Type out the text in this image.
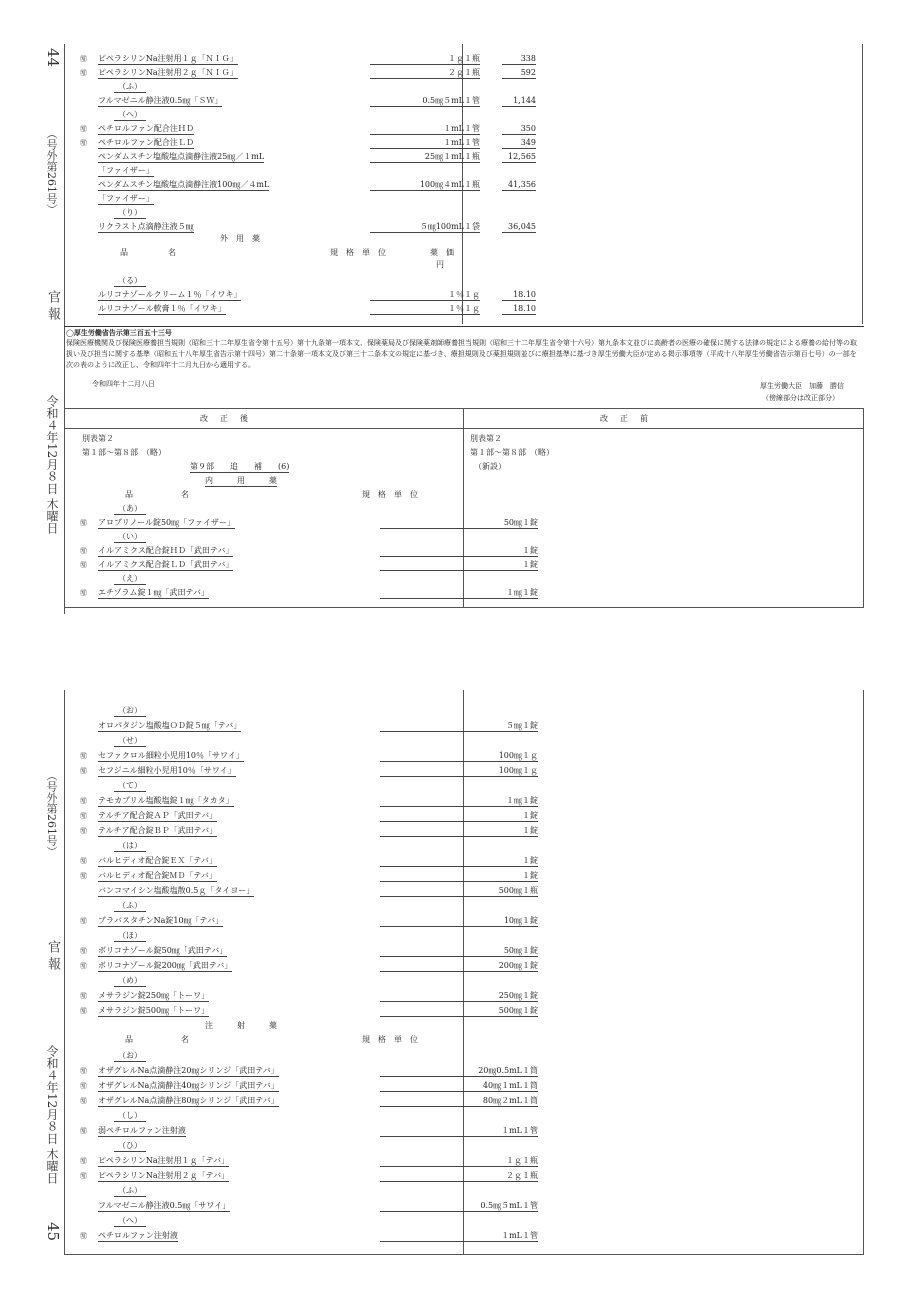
44
（号外第261号）
官 報
令和４年12月８日 木曜日
㊢ ピペラシリンNa注射用１ｇ「ＮＩＧ」	１ｇ１瓶	338
㊢ ピペラシリンNa注射用２ｇ「ＮＩＧ」	２ｇ１瓶	592
（ふ）
フルマゼニル静注液0.5㎎「ＳＷ」	0.5㎎５mL１管	1,144
（へ）
㊢ ペチロルファン配合注ＨＤ	１mL１管	350
㊢ ペチロルファン配合注ＬＤ	１mL１管	349
ペンダムスチン塩酸塩点滴静注液25㎎／１mL	25㎎１mL１瓶	12,565
「ファイザー」
ペンダムスチン塩酸塩点滴静注液100㎎／４mL	100㎎４mL１瓶	41,356
「ファイザー」
（り）
リクラスト点滴静注液５㎎	５㎎100mL１袋	36,045
外　用　薬
品　　　　　名	規　格　単　位	薬　価
円
（る）
ルリコナゾールクリーム１％「イワキ」	１％１ｇ	18.10
ルリコナゾール軟膏１％「イワキ」	１％１ｇ	18.10
◯厚生労働省告示第三百五十三号
保険医療機関及び保険医療養担当規則（昭和三十二年厚生省令第十五号）第十九条第一項本文、保険薬局及び保険薬剤師療養担当規則（昭和三十二年厚生省令第十六号）第九条本文並びに高齢者の医療の確保に関する法律の規定による療養の給付等の取扱い及び担当に関する基準（昭和五十八年厚生省告示第十四号）第二十条第一項本文及び第三十二条本文の規定に基づき、療担規則及び薬担規則並びに療担基準に基づき厚生労働大臣が定める掲示事項等（平成十八年厚生労働省告示第百七号）の一部を次の表のように改正し、令和四年十二月九日から適用する。
令和四年十二月八日	厚生労働大臣　加藤　勝信
（傍線部分は改正部分）
改　正　後	改　正　前
別表第２
第１部〜第８部　（略）
第９部　　追　　補　　(6)
内　　　用　　　薬
品　　　　　　名	規　格　単　位
（あ）
㊢ アロプリノール錠50㎎「ファイザー」	50㎎１錠
（い）
㊢ イルアミクス配合錠ＨＤ「武田テバ」	１錠
㊢ イルアミクス配合錠ＬＤ「武田テバ」	１錠
（え）
㊢ エチゾラム錠１㎎「武田テバ」	１㎎１錠
別表第２
第１部〜第８部　（略）
（新設）
（号外第261号）
官 報
令和４年12月８日 木曜日
45
（お）
オロパタジン塩酸塩ＯＤ錠５㎎「テバ」	５㎎１錠
（せ）
㊢ セファクロル細粒小児用10％「サワイ」	100㎎１ｇ
㊢ セフジニル細粒小児用10％「サワイ」	100㎎１ｇ
（て）
㊢ テモカプリル塩酸塩錠１㎎「タカタ」	１㎎１錠
㊢ テルチア配合錠ＡＰ「武田テバ」	１錠
㊢ テルチア配合錠ＢＰ「武田テバ」	１錠
（は）
㊢ バルヒディオ配合錠ＥＸ「テバ」	１錠
㊢ バルヒディオ配合錠ＭＤ「テバ」	１錠
バンコマイシン塩酸塩散0.5ｇ「タイヨー」	500㎎１瓶
（ふ）
㊢ プラバスタチンNa錠10㎎「テバ」	10㎎１錠
（ほ）
㊢ ボリコナゾール錠50㎎「武田テバ」	50㎎１錠
㊢ ボリコナゾール錠200㎎「武田テバ」	200㎎１錠
（め）
㊢ メサラジン錠250㎎「トーワ」	250㎎１錠
㊢ メサラジン錠500㎎「トーワ」	500㎎１錠
注　　　射　　　薬
品　　　　　　名	規　格　単　位
（お）
㊢ オザグレルNa点滴静注20㎎シリンジ「武田テバ」	20㎎0.5mL１筒
㊢ オザグレルNa点滴静注40㎎シリンジ「武田テバ」	40㎎１mL１筒
㊢ オザグレルNa点滴静注80㎎シリンジ「武田テバ」	80㎎２mL１筒
（し）
㊢ 弱ペチロルファン注射液	１mL１管
（ひ）
㊢ ピペラシリンNa注射用１ｇ「テバ」	１ｇ１瓶
㊢ ピペラシリンNa注射用２ｇ「テバ」	２ｇ１瓶
（ふ）
フルマゼニル静注液0.5㎎「サワイ」	0.5㎎５mL１管
（へ）
㊢ ペチロルファン注射液	１mL１管
